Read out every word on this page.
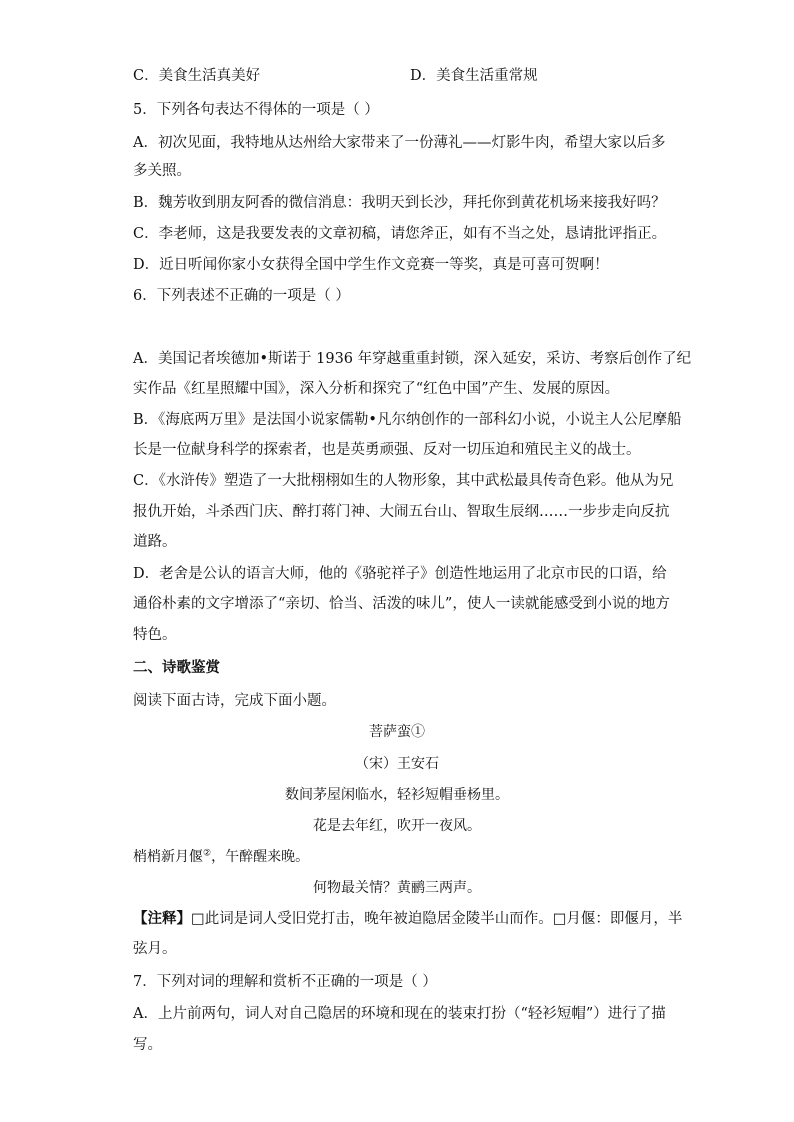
C．美食生活真美好	D．美食生活重常规
5．下列各句表达不得体的一项是（ ）
A．初次见面，我特地从达州给大家带来了一份薄礼——灯影牛肉，希望大家以后多
多关照。
B．魏芳收到朋友阿香的微信消息：我明天到长沙，拜托你到黄花机场来接我好吗？
C．李老师，这是我要发表的文章初稿，请您斧正，如有不当之处，恳请批评指正。
D．近日听闻你家小女获得全国中学生作文竞赛一等奖，真是可喜可贺啊！
6．下列表述不正确的一项是（ ）
A．美国记者埃德加•斯诺于 1936 年穿越重重封锁，深入延安，采访、考察后创作了纪
实作品《红星照耀中国》，深入分析和探究了“红色中国”产生、发展的原因。
B．《海底两万里》是法国小说家儒勒•凡尔纳创作的一部科幻小说，小说主人公尼摩船
长是一位献身科学的探索者，也是英勇顽强、反对一切压迫和殖民主义的战士。
C．《水浒传》塑造了一大批栩栩如生的人物形象，其中武松最具传奇色彩。他从为兄
报仇开始，斗杀西门庆、醉打蒋门神、大闹五台山、智取生辰纲……一步步走向反抗
道路。
D．老舍是公认的语言大师，他的《骆驼祥子》创造性地运用了北京市民的口语，给
通俗朴素的文字增添了“亲切、恰当、活泼的味儿”，使人一读就能感受到小说的地方
特色。
二、诗歌鉴赏
阅读下面古诗，完成下面小题。
菩萨蛮①
（宋）王安石
数间茅屋闲临水，轻衫短帽垂杨里。
花是去年红，吹开一夜风。
梢梢新月偃②，午醉醒来晚。
何物最关情？黄鹂三两声。
【注释】□此词是词人受旧党打击，晚年被迫隐居金陵半山而作。□月偃：即偃月，半
弦月。
7．下列对词的理解和赏析不正确的一项是（ ）
A．上片前两句，词人对自己隐居的环境和现在的装束打扮（“轻衫短帽”）进行了描
写。
